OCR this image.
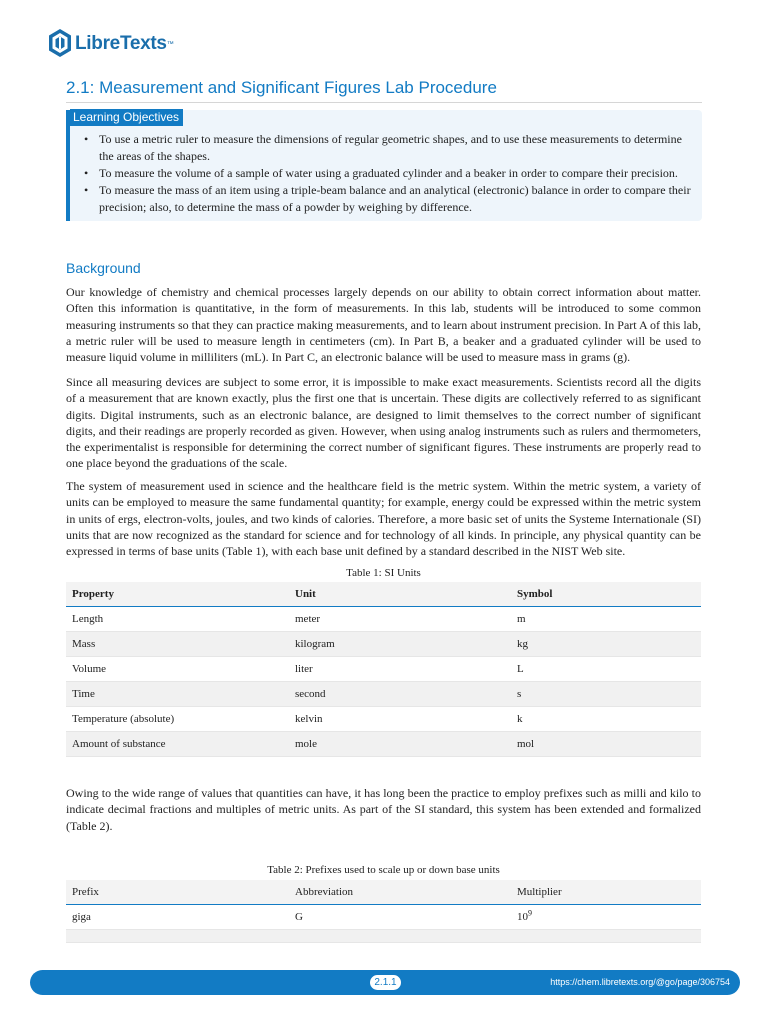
LibreTexts ™
2.1: Measurement and Significant Figures Lab Procedure
Learning Objectives
• To use a metric ruler to measure the dimensions of regular geometric shapes, and to use these measurements to determine the areas of the shapes.
• To measure the volume of a sample of water using a graduated cylinder and a beaker in order to compare their precision.
• To measure the mass of an item using a triple-beam balance and an analytical (electronic) balance in order to compare their precision; also, to determine the mass of a powder by weighing by difference.
Background

Our knowledge of chemistry and chemical processes largely depends on our ability to obtain correct information about matter. Often this information is quantitative, in the form of measurements. In this lab, students will be introduced to some common measuring instruments so that they can practice making measurements, and to learn about instrument precision. In Part A of this lab, a metric ruler will be used to measure length in centimeters (cm). In Part B, a beaker and a graduated cylinder will be used to measure liquid volume in milliliters (mL). In Part C, an electronic balance will be used to measure mass in grams (g).

Since all measuring devices are subject to some error, it is impossible to make exact measurements. Scientists record all the digits of a measurement that are known exactly, plus the first one that is uncertain. These digits are collectively referred to as significant digits. Digital instruments, such as an electronic balance, are designed to limit themselves to the correct number of significant digits, and their readings are properly recorded as given. However, when using analog instruments such as rulers and thermometers, the experimentalist is responsible for determining the correct number of significant figures. These instruments are properly read to one place beyond the graduations of the scale.

The system of measurement used in science and the healthcare field is the metric system. Within the metric system, a variety of units can be employed to measure the same fundamental quantity; for example, energy could be expressed within the metric system in units of ergs, electron-volts, joules, and two kinds of calories. Therefore, a more basic set of units the Systeme Internationale (SI) units that are now recognized as the standard for science and for technology of all kinds. In principle, any physical quantity can be expressed in terms of base units (Table 1), with each base unit defined by a standard described in the NIST Web site.

Table 1: SI Units

Property	Unit	Symbol
Length	meter	m
Mass	kilogram	kg
Volume	liter	L
Time	second	s
Temperature (absolute)	kelvin	k
Amount of substance	mole	mol

Owing to the wide range of values that quantities can have, it has long been the practice to employ prefixes such as milli and kilo to indicate decimal fractions and multiples of metric units. As part of the SI standard, this system has been extended and formalized (Table 2).

Table 2: Prefixes used to scale up or down base units

Prefix	Abbreviation	Multiplier
giga	G	$10^9$

2.1.1	https://chem.libretexts.org/@go/page/306754
